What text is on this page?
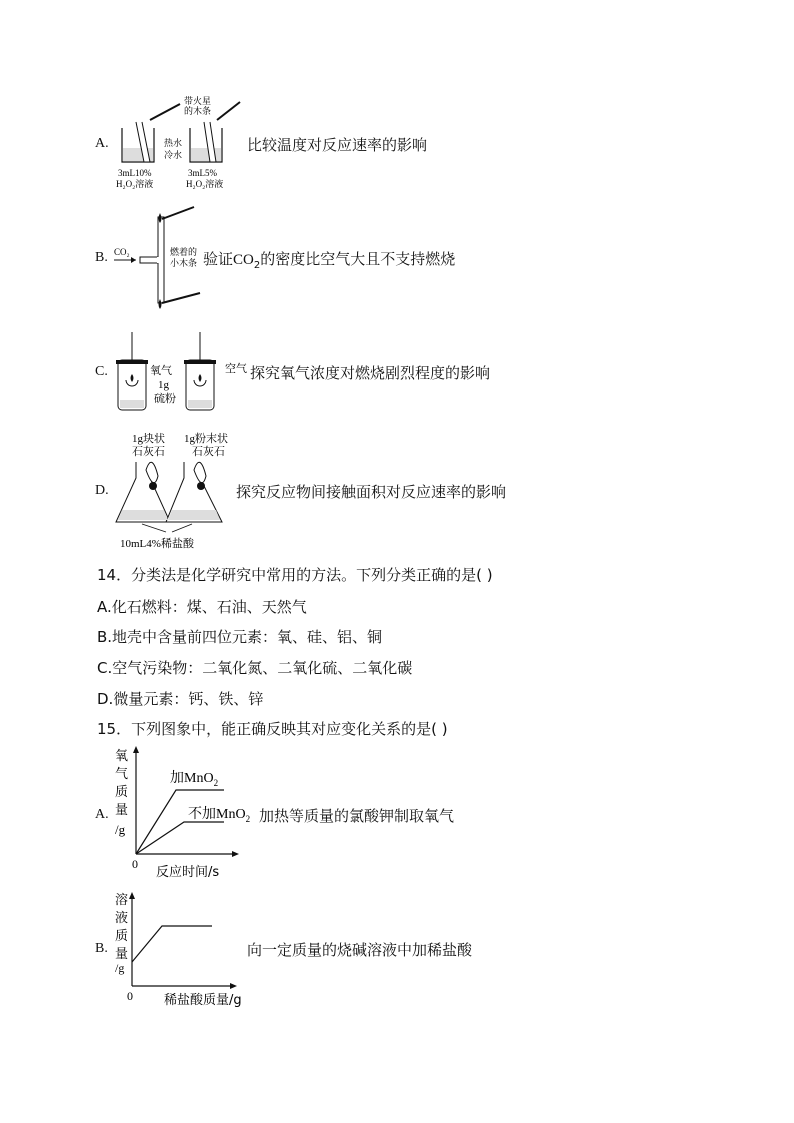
A.
带火星
的木条
热水
冷水
3mL10%
H₂O₂溶液
3mL5%
H₂O₂溶液
比较温度对反应速率的影响
B. CO₂	燃着的
小木条 验证$CO_2$的密度比空气大且不支持燃烧
C.	氧气	空气
1g
硫粉
探究氧气浓度对燃烧剧烈程度的影响
D.
1g块状
石灰石
1g粉末状
石灰石
10mL4%稀盐酸
探究反应物间接触面积对反应速率的影响
14．分类法是化学研究中常用的方法。下列分类正确的是( )
A.化石燃料：煤、石油、天然气
B.地壳中含量前四位元素：氧、硅、铝、铜
C.空气污染物：二氧化氮、二氧化硫、二氧化碳
D.微量元素：钙、铁、锌
15．下列图象中，能正确反映其对应变化关系的是( )
A.
氧
气
质
量
/g
加MnO$_2$
不加MnO$_2$
0
反应时间/s
加热等质量的氯酸钾制取氧气
B.
溶
液
质
量
/g
0 稀盐酸质量/g
向一定质量的烧碱溶液中加稀盐酸
